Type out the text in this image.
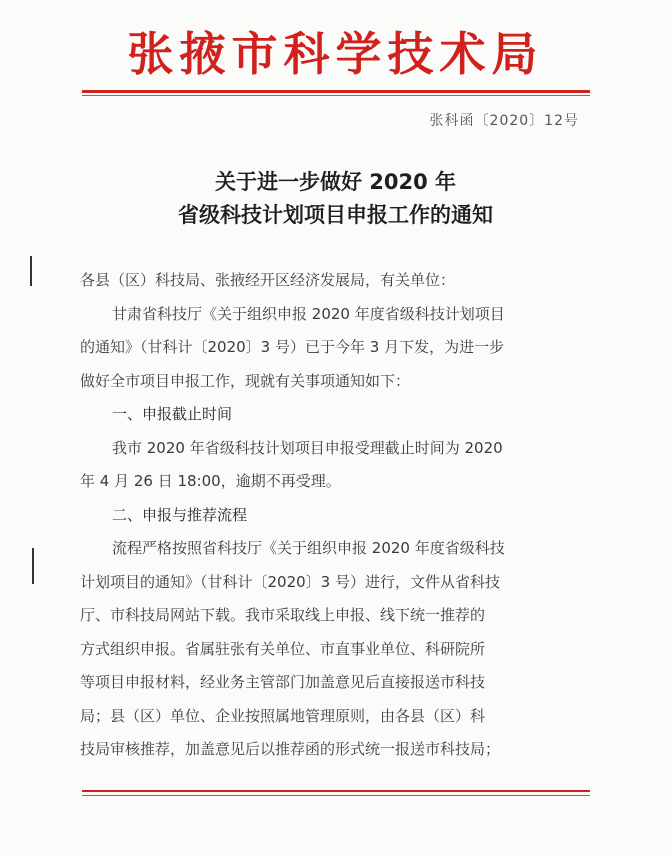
张掖市科学技术局
张科函〔2020〕12号
关于进一步做好 2020 年
省级科技计划项目申报工作的通知
各县（区）科技局、张掖经开区经济发展局，有关单位：
甘肃省科技厅《关于组织申报 2020 年度省级科技计划项目
的通知》（甘科计〔2020〕3 号）已于今年 3 月下发，为进一步
做好全市项目申报工作，现就有关事项通知如下：
一、申报截止时间
我市 2020 年省级科技计划项目申报受理截止时间为 2020
年 4 月 26 日 18:00，逾期不再受理。
二、申报与推荐流程
流程严格按照省科技厅《关于组织申报 2020 年度省级科技
计划项目的通知》（甘科计〔2020〕3 号）进行，文件从省科技
厅、市科技局网站下载。我市采取线上申报、线下统一推荐的
方式组织申报。省属驻张有关单位、市直事业单位、科研院所
等项目申报材料，经业务主管部门加盖意见后直接报送市科技
局；县（区）单位、企业按照属地管理原则，由各县（区）科
技局审核推荐，加盖意见后以推荐函的形式统一报送市科技局；
